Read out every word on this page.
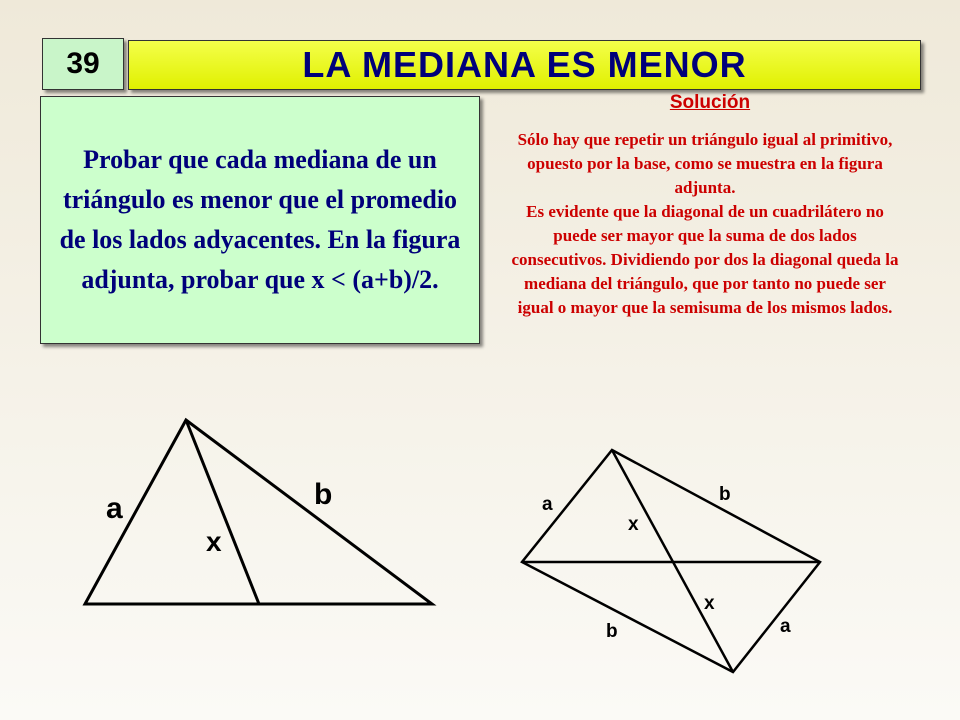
39	LA MEDIANA ES MENOR
Probar que cada mediana de un triángulo es menor que el promedio de los lados adyacentes. En la figura adjunta, probar que x < (a+b)/2.
Solución

Sólo hay que repetir un triángulo igual al primitivo, opuesto por la base, como se muestra en la figura adjunta.

Es evidente que la diagonal de un cuadrilátero no puede ser mayor que la suma de dos lados consecutivos. Dividiendo por dos la diagonal queda la mediana del triángulo, que por tanto no puede ser igual o mayor que la semisuma de los mismos lados.

a	b
x
a	b
x
x
b	a
